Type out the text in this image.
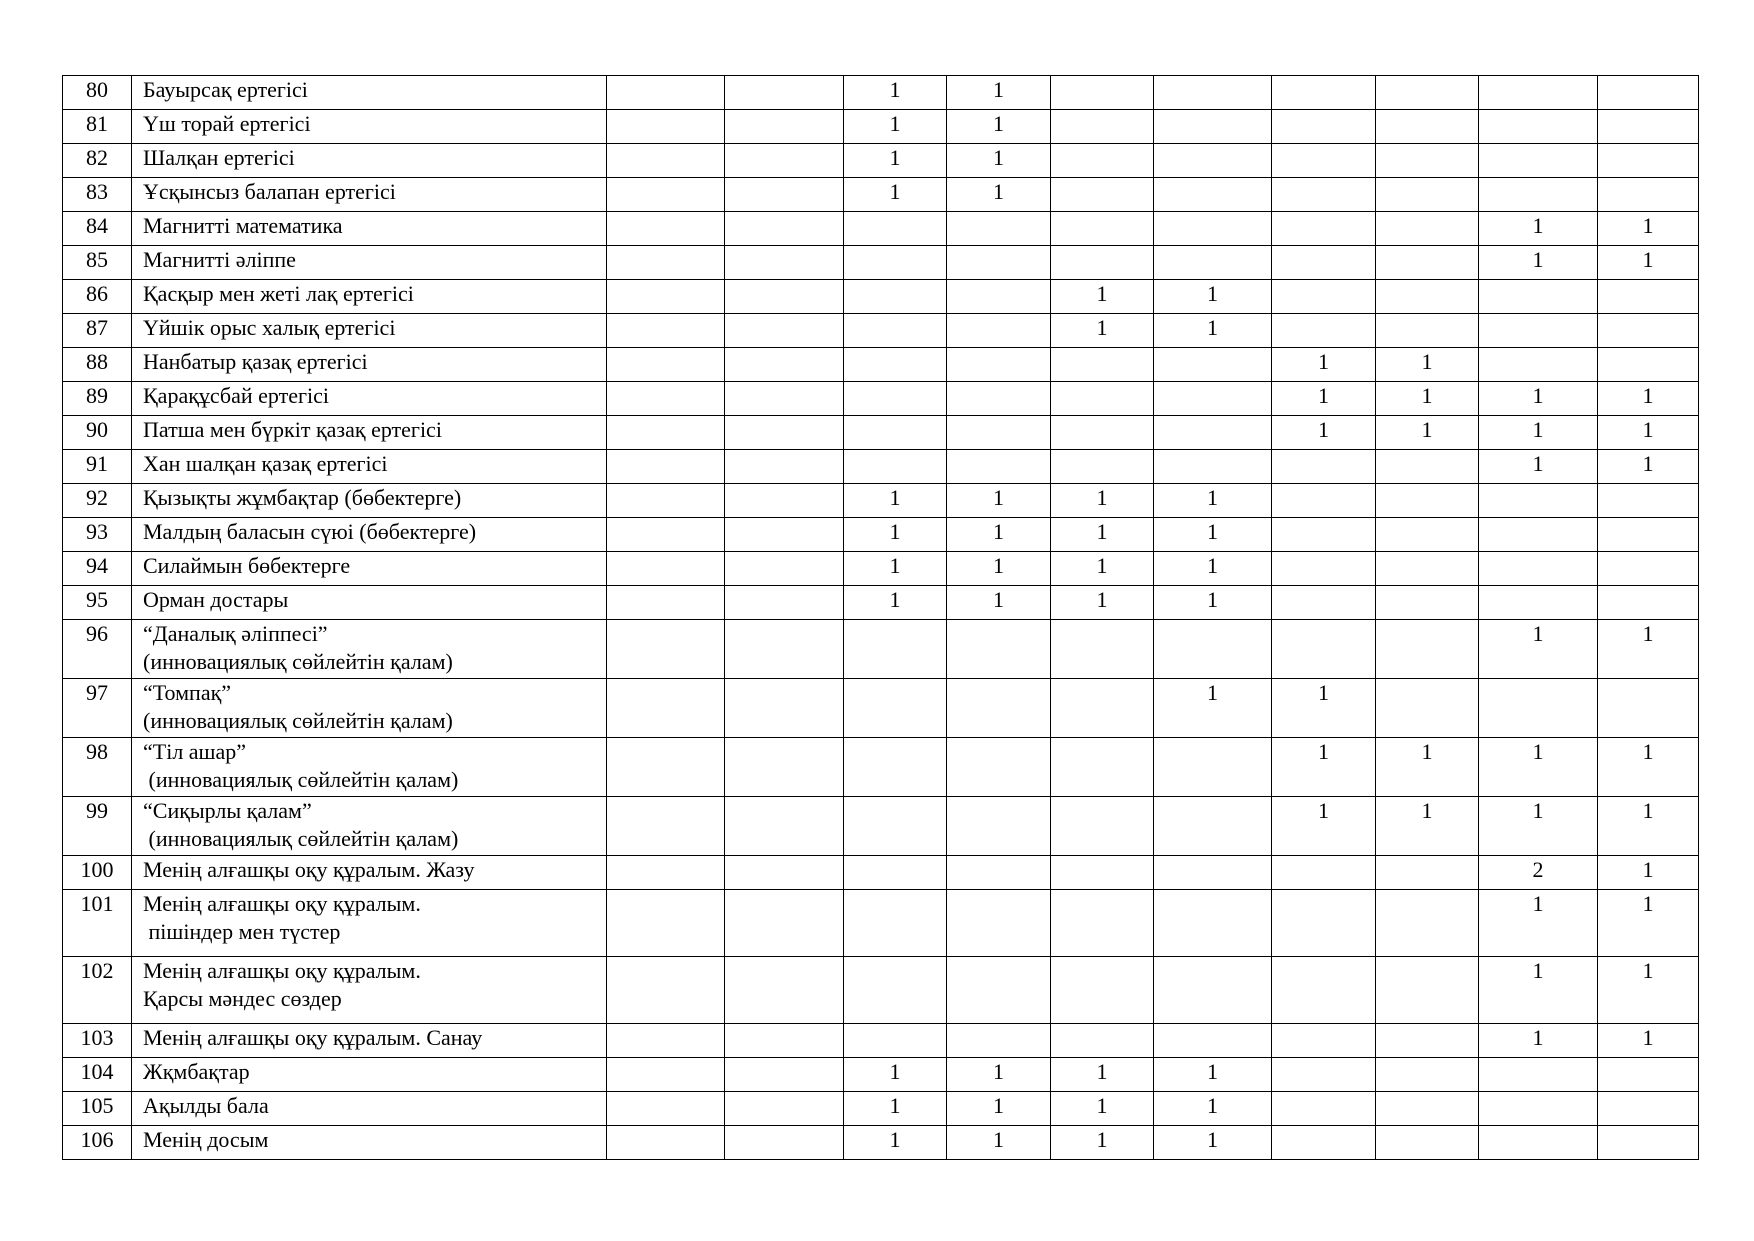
80	Бауырсақ ертегісі			1	1						
81	Үш торай ертегісі			1	1						
82	Шалқан ертегісі			1	1						
83	Ұсқынсыз балапан ертегісі			1	1						
84	Магнитті математика									1	1
85	Магнитті әліппе									1	1
86	Қасқыр мен жеті лақ ертегісі					1	1				
87	Үйшік орыс халық ертегісі					1	1				
88	Нанбатыр қазақ ертегісі							1	1		
89	Қарақұсбай ертегісі							1	1	1	1
90	Патша мен бүркіт қазақ ертегісі							1	1	1	1
91	Хан шалқан қазақ ертегісі									1	1
92	Қызықты жұмбақтар (бөбектерге)			1	1	1	1				
93	Малдың баласын сүюі (бөбектерге)			1	1	1	1				
94	Силаймын бөбектерге			1	1	1	1				
95	Орман достары			1	1	1	1				
96	“Даналық әліппесі”
(инновациялық сөйлейтін қалам)									1	1
97	“Томпақ”
(инновациялық сөйлейтін қалам)						1	1			
98	“Тіл ашар”
(инновациялық сөйлейтін қалам)							1	1	1	1
99	“Сиқырлы қалам”
(инновациялық сөйлейтін қалам)							1	1	1	1
100	Менің алғашқы оқу құралым. Жазу									2	1
101	Менің алғашқы оқу құралым.
пішіндер мен түстер									1	1
102	Менің алғашқы оқу құралым.
Қарсы мәндес сөздер									1	1
103	Менің алғашқы оқу құралым. Санау									1	1
104	Жқмбақтар			1	1	1	1				
105	Ақылды бала			1	1	1	1				
106	Менің досым			1	1	1	1				
